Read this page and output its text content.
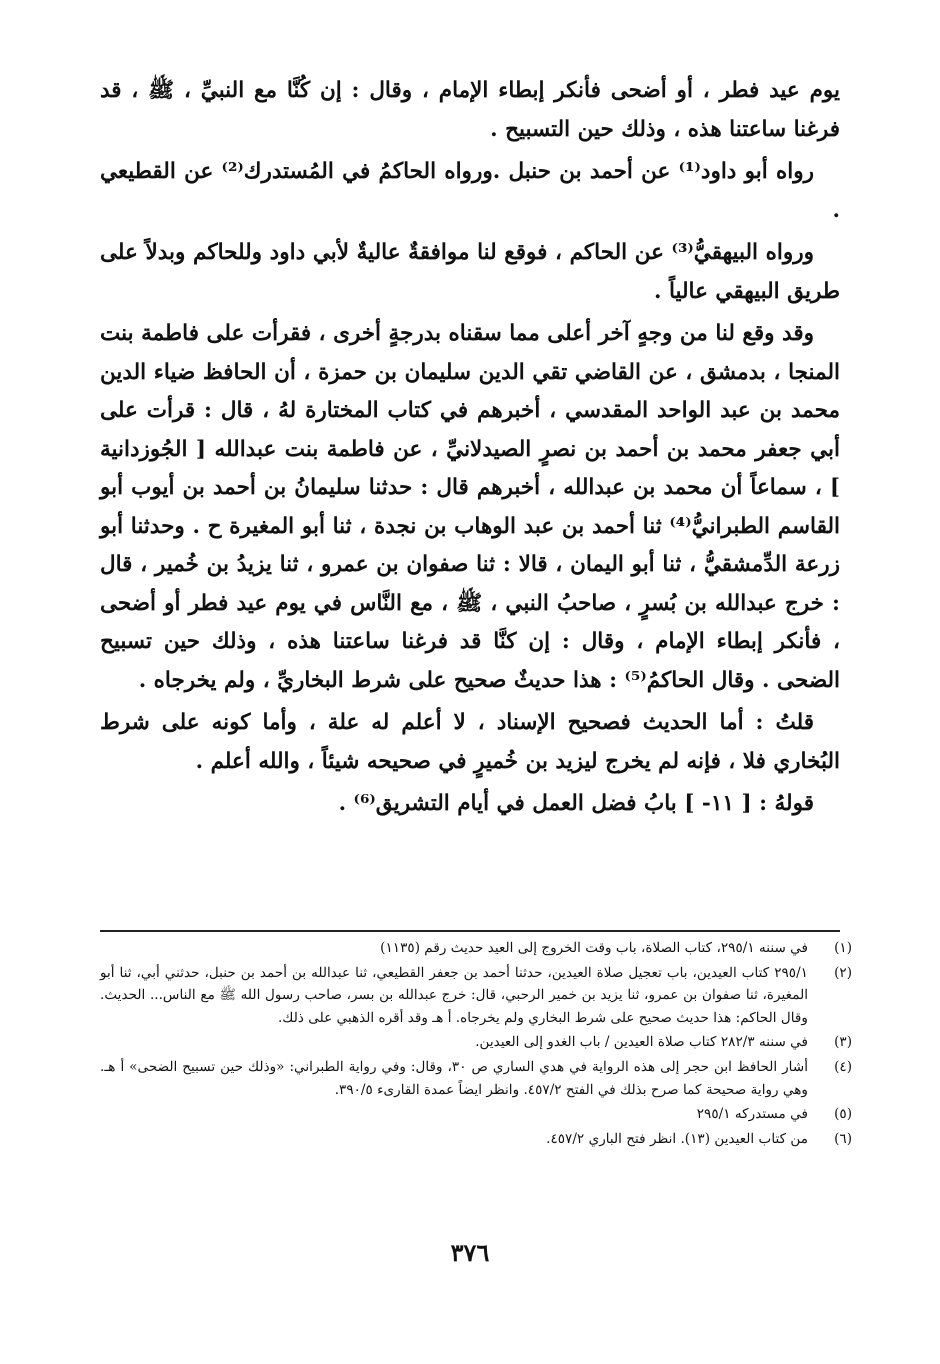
يوم عيد فطر ، أو أضحى فأنكر إبطاء الإمام ، وقال : إن كُنَّا مع النبيِّ ، ﷺ ، قد فرغنا ساعتنا هذه ، وذلك حين التسبيح .

رواه أبو داود⁽¹⁾ عن أحمد بن حنبل .ورواه الحاكمُ في المُستدرك⁽²⁾ عن القطيعي .

ورواه البيهقيُّ⁽³⁾ عن الحاكم ، فوقع لنا موافقةٌ عاليةٌ لأبي داود وللحاكم وبدلاً على طريق البيهقي عالياً .

وقد وقع لنا من وجهٍ آخر أعلى مما سقناه بدرجةٍ أخرى ، فقرأت على فاطمة بنت المنجا ، بدمشق ، عن القاضي تقي الدين سليمان بن حمزة ، أن الحافظ ضياء الدين محمد بن عبد الواحد المقدسي ، أخبرهم في كتاب المختارة لهُ ، قال : قرأت على أبي جعفر محمد بن أحمد بن نصرٍ الصيدلانيِّ ، عن فاطمة بنت عبدالله [ الجُوزدانية ] ، سماعاً أن محمد بن عبدالله ، أخبرهم قال : حدثنا سليمانُ بن أحمد بن أيوب أبو القاسم الطبرانيُّ⁽⁴⁾ ثنا أحمد بن عبد الوهاب بن نجدة ، ثنا أبو المغيرة ح . وحدثنا أبو زرعة الدِّمشقيُّ ، ثنا أبو اليمان ، قالا : ثنا صفوان بن عمرو ، ثنا يزيدُ بن خُمير ، قال : خرج عبدالله بن بُسرٍ ، صاحبُ النبي ، ﷺ ، مع النَّاس في يوم عيد فطر أو أضحى ، فأنكر إبطاء الإمام ، وقال : إن كنَّا قد فرغنا ساعتنا هذه ، وذلك حين تسبيح الضحى . وقال الحاكمُ⁽⁵⁾ : هذا حديثٌ صحيح على شرط البخاريِّ ، ولم يخرجاه .

قلتُ : أما الحديث فصحيح الإسناد ، لا أعلم له علة ، وأما كونه على شرط البُخاري فلا ، فإنه لم يخرج ليزيد بن خُميرٍ في صحيحه شيئاً ، والله أعلم .

قولهُ : [ ١١- ] بابُ فضل العمل في أيام التشريق⁽⁶⁾ .

(١)
في سننه ٢٩٥/١، كتاب الصلاة، باب وقت الخروج إلى العيد حديث رقم (١١٣٥)
(٢)
٢٩٥/١ كتاب العيدين، باب تعجيل صلاة العيدين، حدثنا أحمد بن جعفر القطيعي، ثنا عبدالله بن أحمد بن حنبل، حدثني أبي، ثنا أبو المغيرة، ثنا صفوان بن عمرو، ثنا يزيد بن خمير الرحبي، قال: خرج عبدالله بن بسر، صاحب رسول الله ﷺ مع الناس... الحديث. وقال الحاكم: هذا حديث صحيح على شرط البخاري ولم يخرجاه. أ هـ وقد أقره الذهبي على ذلك.
(٣)
في سننه ٢٨٢/٣ كتاب صلاة العيدين / باب الغدو إلى العيدين.
(٤)
أشار الحافظ ابن حجر إلى هذه الرواية في هدي الساري ص ٣٠، وقال: وفي رواية الطبراني: «وذلك حين تسبيح الضحى» أ هـ. وهي رواية صحيحة كما صرح بذلك في الفتح ٤٥٧/٢. وانظر ايضاً عمدة القارىء ٣٩٠/٥.
(٥)
في مستدركه ٢٩٥/١
(٦)
من كتاب العيدين (١٣). انظر فتح الباري ٤٥٧/٢.
٣٧٦
